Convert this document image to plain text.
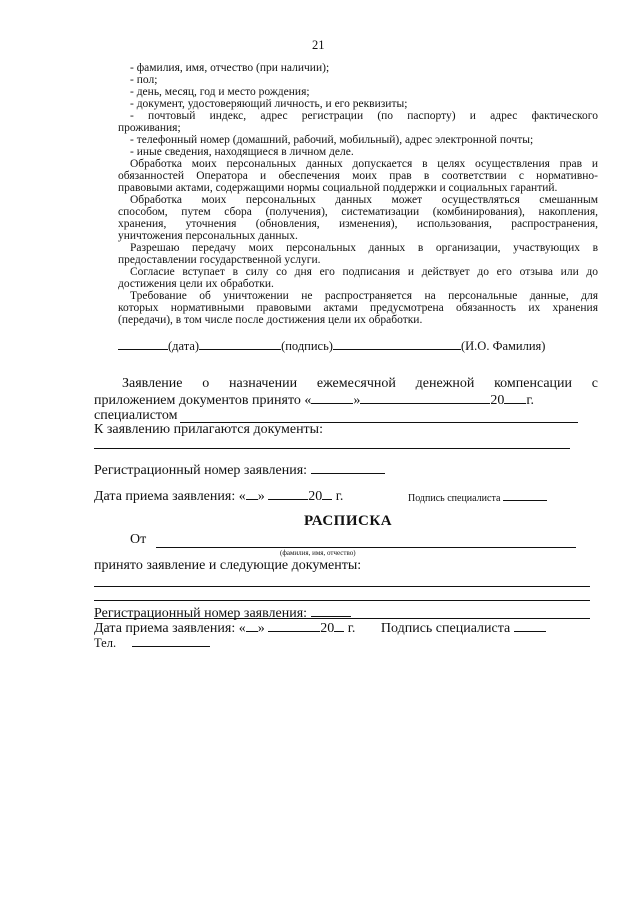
21
- фамилия, имя, отчество (при наличии);
- пол;
- день, месяц, год и место рождения;
- документ, удостоверяющий личность, и его реквизиты;
- почтовый индекс, адрес регистрации (по паспорту) и адрес фактического
проживания;
- телефонный номер (домашний, рабочий, мобильный), адрес электронной почты;
- иные сведения, находящиеся в личном деле.
Обработка моих персональных данных допускается в целях осуществления прав и
обязанностей Оператора и обеспечения моих прав в соответствии с нормативно-
правовыми актами, содержащими нормы социальной поддержки и социальных гарантий.
Обработка моих персональных данных может осуществляться смешанным
способом, путем сбора (получения), систематизации (комбинирования), накопления,
хранения, уточнения (обновления, изменения), использования, распространения,
уничтожения персональных данных.
Разрешаю передачу моих персональных данных в организации, участвующих в
предоставлении государственной услуги.
Согласие вступает в силу со дня его подписания и действует до его отзыва или до
достижения цели их обработки.
Требование об уничтожении не распространяется на персональные данные, для
которых нормативными правовыми актами предусмотрена обязанность их хранения
(передачи), в том числе после достижения цели их обработки.
(дата)	(подпись)	(И.О. Фамилия)
Заявление о назначении ежемесячной денежной компенсации с
приложением документов принято «	»	20 г.
специалистом
К заявлению прилагаются документы:
Регистрационный номер заявления:
Дата приема заявления: « »	20 г.	Подпись специалиста
РАСПИСКА
От
(фамилия, имя, отчество)
принято заявление и следующие документы:
Регистрационный номер заявления:
Дата приема заявления: « »	20 г. Подпись специалиста
Тел.
